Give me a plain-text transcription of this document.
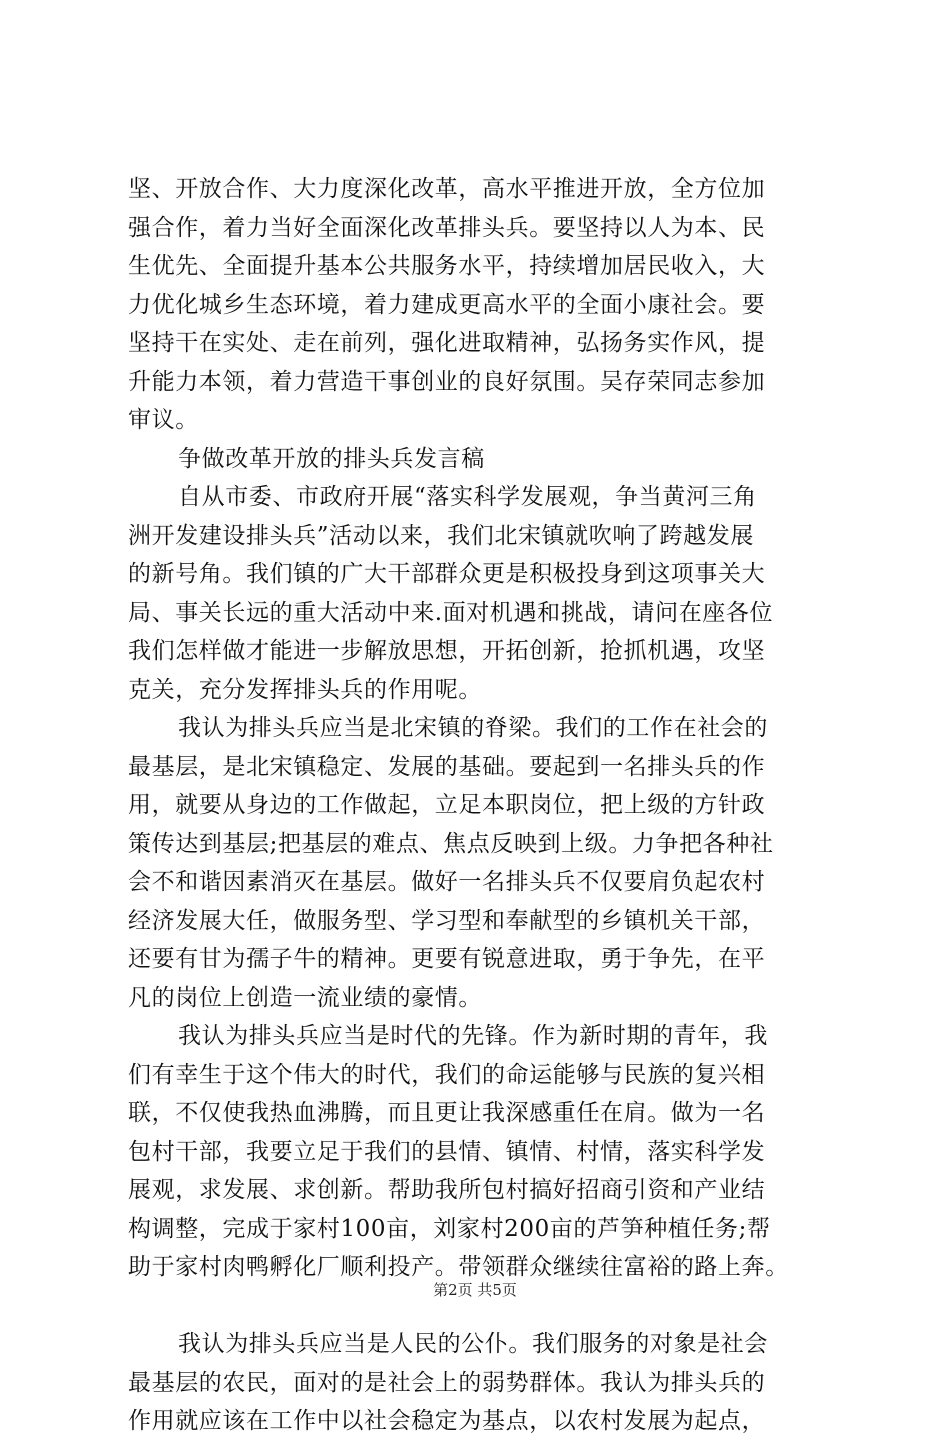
坚、开放合作、大力度深化改革，高水平推进开放，全方位加
强合作，着力当好全面深化改革排头兵。要坚持以人为本、民
生优先、全面提升基本公共服务水平，持续增加居民收入，大
力优化城乡生态环境，着力建成更高水平的全面小康社会。要
坚持干在实处、走在前列，强化进取精神，弘扬务实作风，提
升能力本领，着力营造干事创业的良好氛围。吴存荣同志参加
审议。
争做改革开放的排头兵发言稿
自从市委、市政府开展“落实科学发展观，争当黄河三角
洲开发建设排头兵”活动以来，我们北宋镇就吹响了跨越发展
的新号角。我们镇的广大干部群众更是积极投身到这项事关大
局、事关长远的重大活动中来.面对机遇和挑战，请问在座各位
我们怎样做才能进一步解放思想，开拓创新，抢抓机遇，攻坚
克关，充分发挥排头兵的作用呢。
我认为排头兵应当是北宋镇的脊梁。我们的工作在社会的
最基层，是北宋镇稳定、发展的基础。要起到一名排头兵的作
用，就要从身边的工作做起，立足本职岗位，把上级的方针政
策传达到基层;把基层的难点、焦点反映到上级。力争把各种社
会不和谐因素消灭在基层。做好一名排头兵不仅要肩负起农村
经济发展大任，做服务型、学习型和奉献型的乡镇机关干部，
还要有甘为孺子牛的精神。更要有锐意进取，勇于争先，在平
凡的岗位上创造一流业绩的豪情。
我认为排头兵应当是时代的先锋。作为新时期的青年，我
们有幸生于这个伟大的时代，我们的命运能够与民族的复兴相
联，不仅使我热血沸腾，而且更让我深感重任在肩。做为一名
包村干部，我要立足于我们的县情、镇情、村情，落实科学发
展观，求发展、求创新。帮助我所包村搞好招商引资和产业结
构调整，完成于家村100亩，刘家村200亩的芦笋种植任务;帮
助于家村肉鸭孵化厂顺利投产。带领群众继续往富裕的路上奔。
我认为排头兵应当是人民的公仆。我们服务的对象是社会
最基层的农民，面对的是社会上的弱势群体。我认为排头兵的
作用就应该在工作中以社会稳定为基点，以农村发展为起点，
第2页 共5页
